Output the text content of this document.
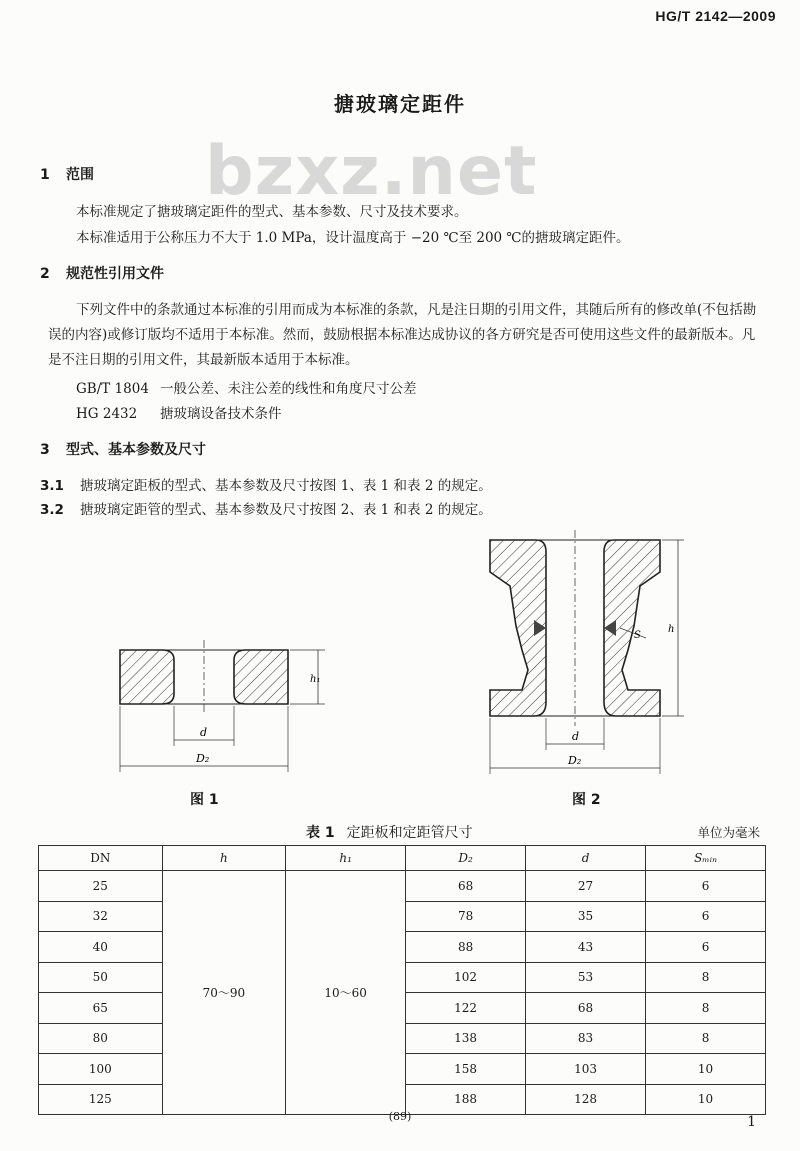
HG/T 2142—2009
bzxz.net
搪玻璃定距件
1 范围
本标准规定了搪玻璃定距件的型式、基本参数、尺寸及技术要求。
本标准适用于公称压力不大于 1.0 MPa，设计温度高于 −20 ℃至 200 ℃的搪玻璃定距件。
2 规范性引用文件
下列文件中的条款通过本标准的引用而成为本标准的条款，凡是注日期的引用文件，其随后所有的修改单(不包括勘误的内容)或修订版均不适用于本标准。然而，鼓励根据本标准达成协议的各方研究是否可使用这些文件的最新版本。凡是不注日期的引用文件，其最新版本适用于本标准。
GB/T 1804 一般公差、未注公差的线性和角度尺寸公差
HG 2432 搪玻璃设备技术条件
3 型式、基本参数及尺寸
3.1 搪玻璃定距板的型式、基本参数及尺寸按图 1、表 1 和表 2 的规定。
3.2 搪玻璃定距管的型式、基本参数及尺寸按图 2、表 1 和表 2 的规定。
h₁
d
D₂
图 1
S
h
d
D₂
图 2
表 1 定距板和定距管尺寸	单位为毫米
DN	h	h₁	D₂	d	Sₘᵢₙ
25	70～90	10～60	68	27	6
32			78	35	6
40			88	43	6
50			102	53	8
65			122	68	8
80			138	83	8
100			158	103	10
125			188	128	10
(89)	1
